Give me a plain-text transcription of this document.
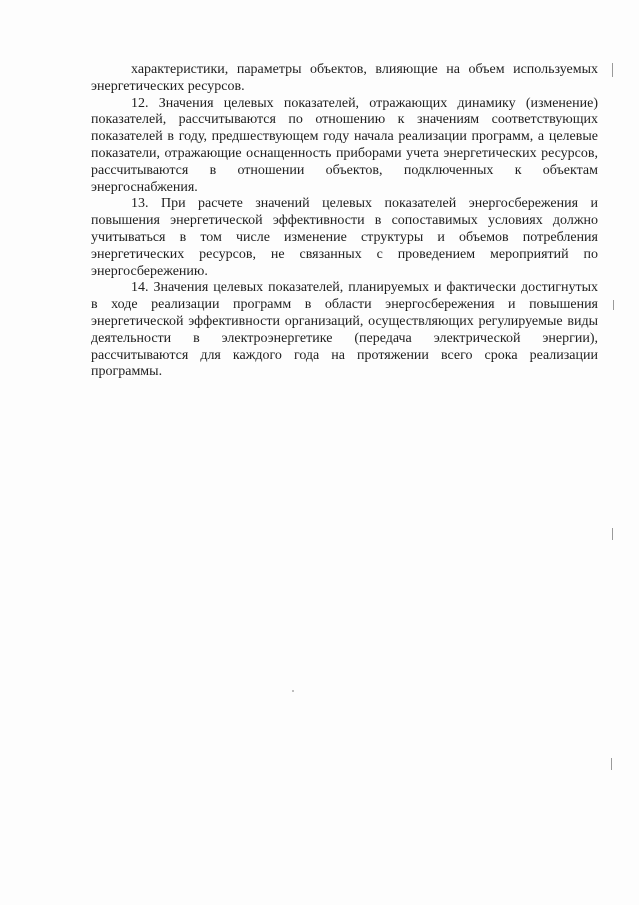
характеристики, параметры объектов, влияющие на объем используемых энергетических ресурсов.

12. Значения целевых показателей, отражающих динамику (изменение) показателей, рассчитываются по отношению к значениям соответствующих показателей в году, предшествующем году начала реализации программ, а целевые показатели, отражающие оснащенность приборами учета энергетических ресурсов, рассчитываются в отношении объектов, подключенных к объектам энергоснабжения.

13. При расчете значений целевых показателей энергосбережения и повышения энергетической эффективности в сопоставимых условиях должно учитываться в том числе изменение структуры и объемов потребления энергетических ресурсов, не связанных с проведением мероприятий по энергосбережению.

14. Значения целевых показателей, планируемых и фактически достигнутых в ходе реализации программ в области энергосбережения и повышения энергетической эффективности организаций, осуществляющих регулируемые виды деятельности в электроэнергетике (передача электрической энергии), рассчитываются для каждого года на протяжении всего срока реализации программы.
